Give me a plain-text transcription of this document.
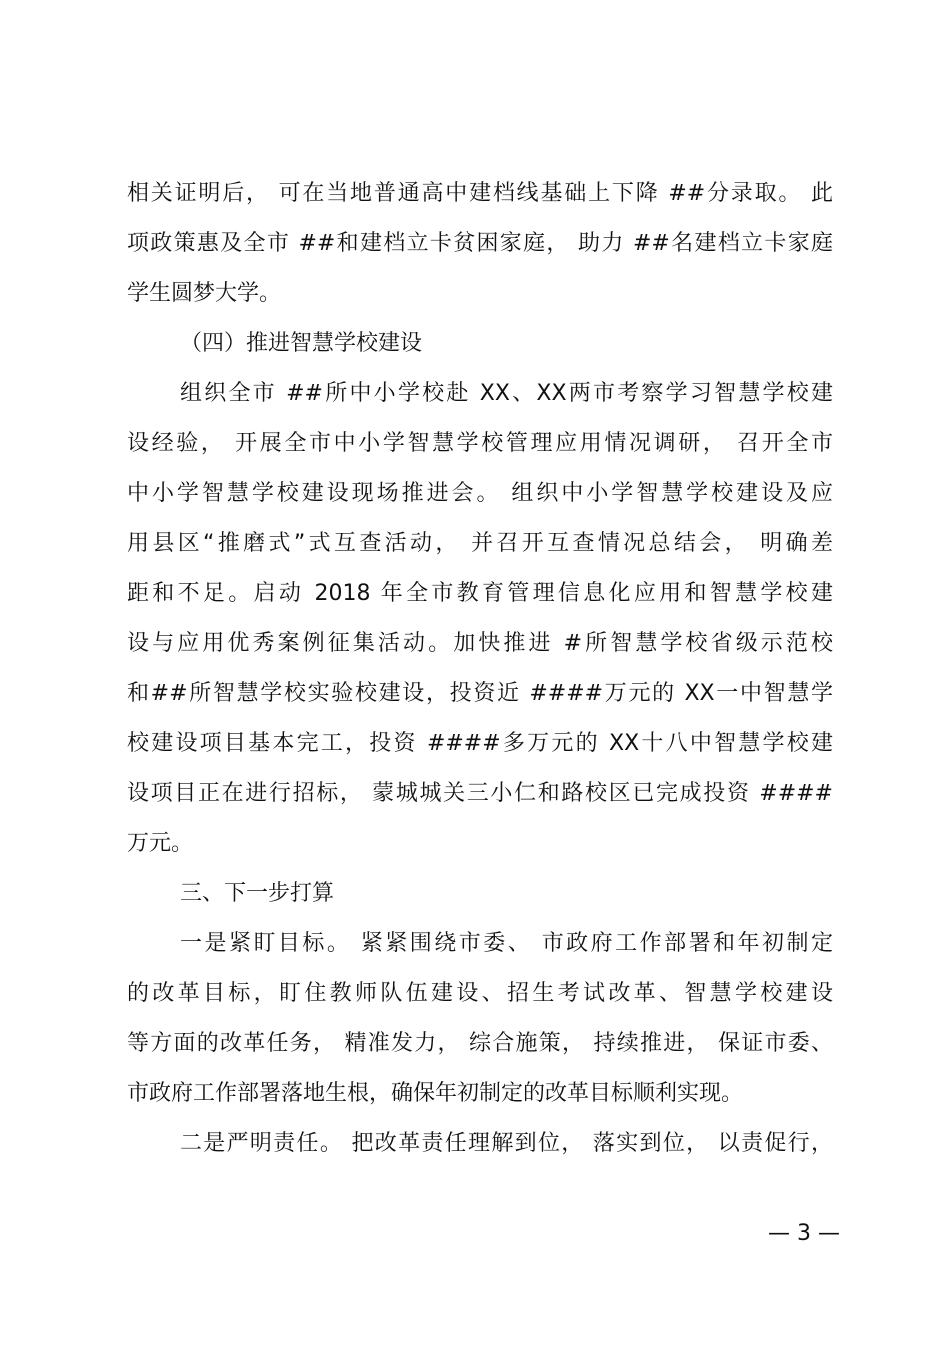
相关证明后， 可在当地普通高中建档线基础上下降 ##分录取。 此
项政策惠及全市 ##和建档立卡贫困家庭， 助力 ##名建档立卡家庭
学生圆梦大学。
（四）推进智慧学校建设
组织全市 ##所中小学校赴 XX、XX两市考察学习智慧学校建
设经验， 开展全市中小学智慧学校管理应用情况调研， 召开全市
中小学智慧学校建设现场推进会。 组织中小学智慧学校建设及应
用县区“推磨式”式互查活动， 并召开互查情况总结会， 明确差
距和不足。启动 2018 年全市教育管理信息化应用和智慧学校建
设与应用优秀案例征集活动。加快推进 #所智慧学校省级示范校
和##所智慧学校实验校建设，投资近 ####万元的 XX一中智慧学
校建设项目基本完工，投资 ####多万元的 XX十八中智慧学校建
设项目正在进行招标， 蒙城城关三小仁和路校区已完成投资 ####
万元。
三、下一步打算
一是紧盯目标。 紧紧围绕市委、 市政府工作部署和年初制定
的改革目标，盯住教师队伍建设、招生考试改革、智慧学校建设
等方面的改革任务， 精准发力， 综合施策， 持续推进， 保证市委、
市政府工作部署落地生根，确保年初制定的改革目标顺利实现。
二是严明责任。 把改革责任理解到位， 落实到位， 以责促行，
— 3 —
